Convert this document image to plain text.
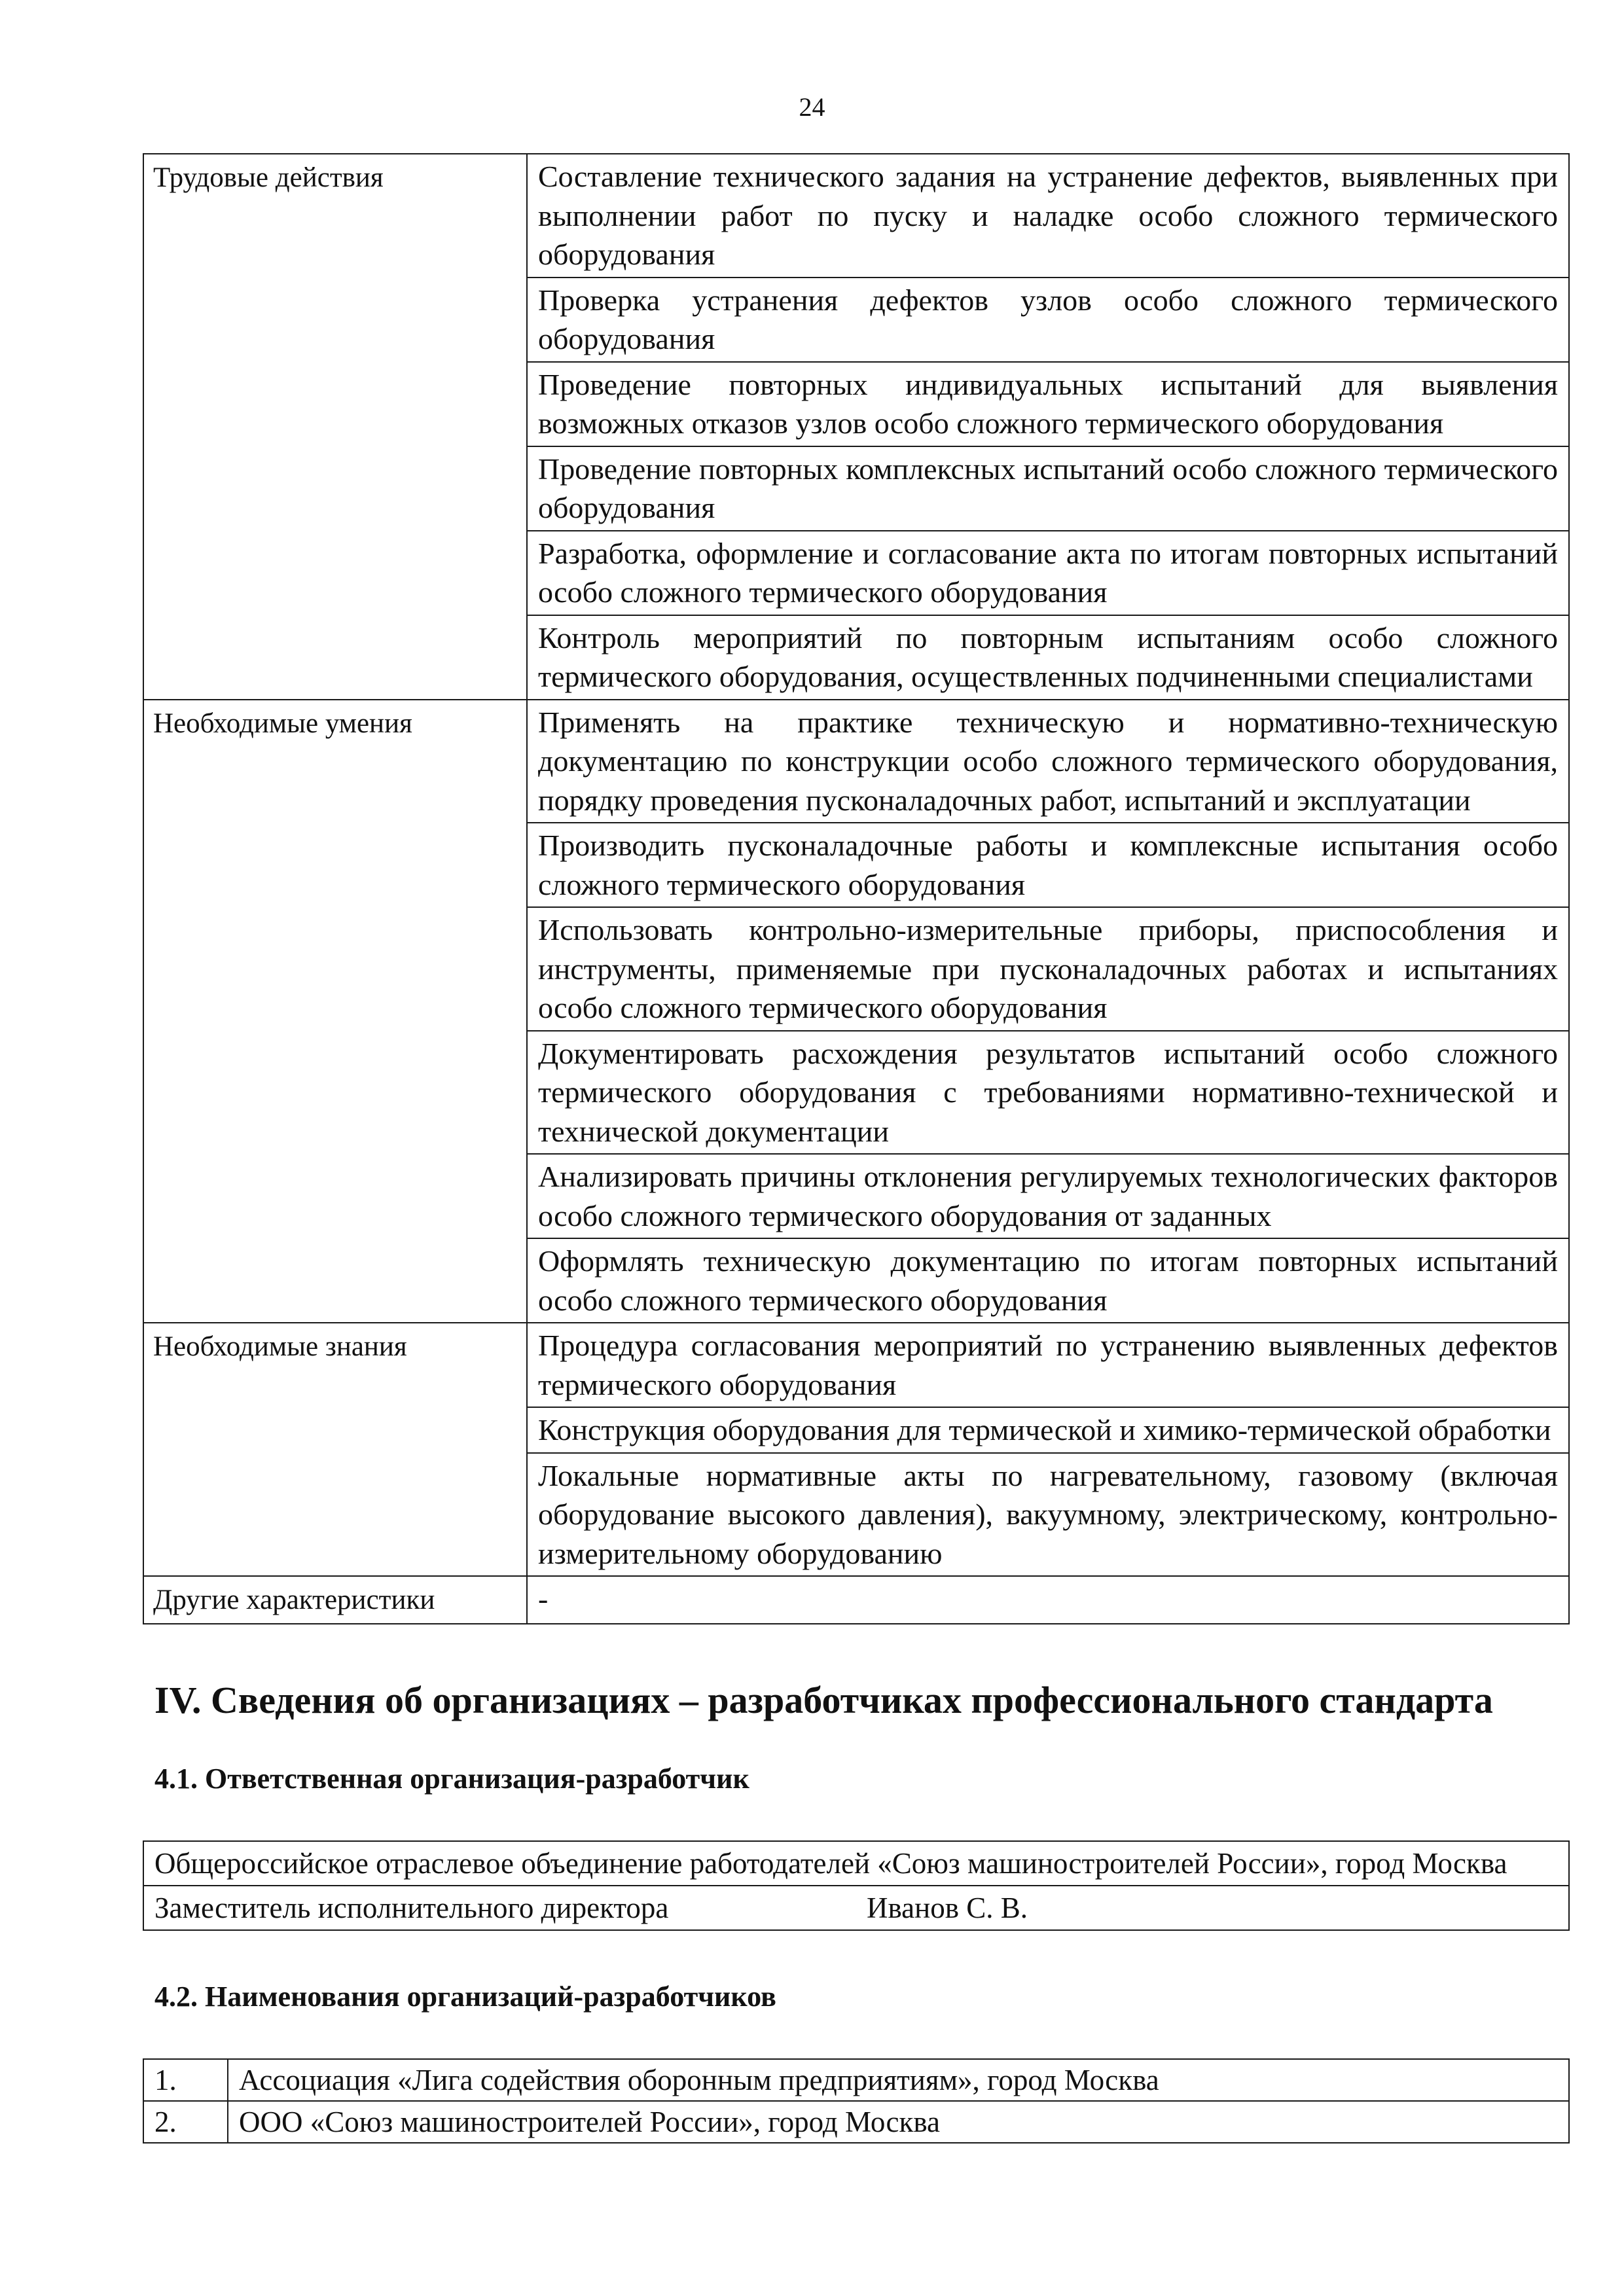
24
Трудовые действия	Составление технического задания на устранение дефектов, выявленных при выполнении работ по пуску и наладке особо сложного термического оборудования
	Проверка устранения дефектов узлов особо сложного термического оборудования
	Проведение повторных индивидуальных испытаний для выявления возможных отказов узлов особо сложного термического оборудования
	Проведение повторных комплексных испытаний особо сложного термического оборудования
	Разработка, оформление и согласование акта по итогам повторных испытаний особо сложного термического оборудования
	Контроль мероприятий по повторным испытаниям особо сложного термического оборудования, осуществленных подчиненными специалистами
Необходимые умения	Применять на практике техническую и нормативно-техническую документацию по конструкции особо сложного термического оборудования, порядку проведения пусконаладочных работ, испытаний и эксплуатации
	Производить пусконаладочные работы и комплексные испытания особо сложного термического оборудования
	Использовать контрольно-измерительные приборы, приспособления и инструменты, применяемые при пусконаладочных работах и испытаниях особо сложного термического оборудования
	Документировать расхождения результатов испытаний особо сложного термического оборудования с требованиями нормативно-технической и технической документации
	Анализировать причины отклонения регулируемых технологических факторов особо сложного термического оборудования от заданных
	Оформлять техническую документацию по итогам повторных испытаний особо сложного термического оборудования
Необходимые знания	Процедура согласования мероприятий по устранению выявленных дефектов термического оборудования
	Конструкция оборудования для термической и химико-термической обработки
	Локальные нормативные акты по нагревательному, газовому (включая оборудование высокого давления), вакуумному, электрическому, контрольно-измерительному оборудованию
Другие характеристики	-
IV. Сведения об организациях – разработчиках профессионального стандарта
4.1. Ответственная организация-разработчик
Общероссийское отраслевое объединение работодателей «Союз машиностроителей России», город Москва
Заместитель исполнительного директора	Иванов С. В.
4.2. Наименования организаций-разработчиков
1.	Ассоциация «Лига содействия оборонным предприятиям», город Москва
2.	ООО «Союз машиностроителей России», город Москва
